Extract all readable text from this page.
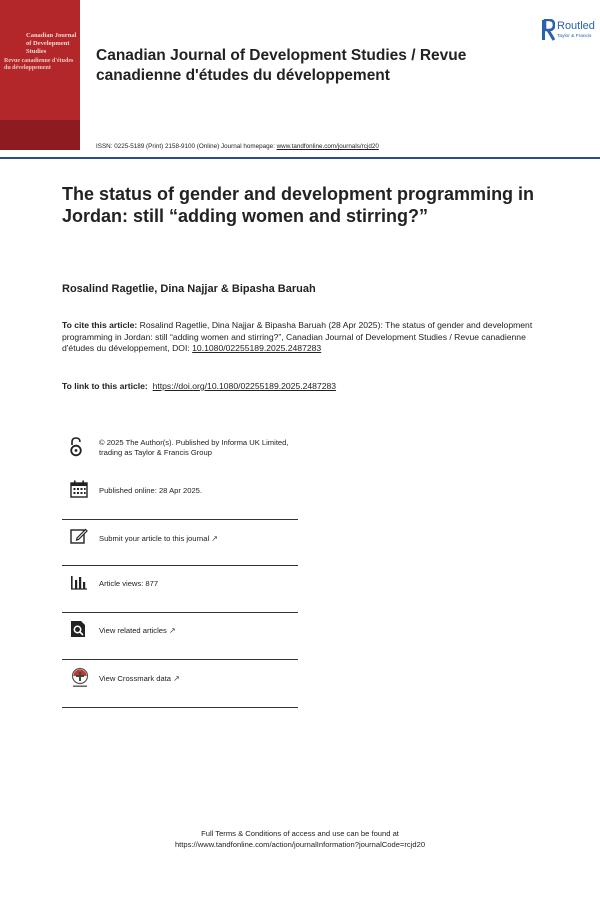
Canadian Journal of Development Studies
Revue canadienne d'études du développement
Canadian Journal of Development Studies / Revue canadienne d'études du développement
Routled
Taylor & Francis
ISSN: 0225-5189 (Print) 2158-9100 (Online) Journal homepage: www.tandfonline.com/journals/rcjd20
The status of gender and development programming in Jordan: still “adding women and stirring?”
Rosalind Ragetlie, Dina Najjar & Bipasha Baruah
To cite this article: Rosalind Ragetlie, Dina Najjar & Bipasha Baruah (28 Apr 2025): The status of gender and development programming in Jordan: still “adding women and stirring?”, Canadian Journal of Development Studies / Revue canadienne d'études du développement, DOI: 10.1080/02255189.2025.2487283
To link to this article: https://doi.org/10.1080/02255189.2025.2487283
© 2025 The Author(s). Published by Informa UK Limited, trading as Taylor & Francis Group
Published online: 28 Apr 2025.
Submit your article to this journal ↗
Article views: 877
View related articles ↗
View Crossmark data ↗
Full Terms & Conditions of access and use can be found at
https://www.tandfonline.com/action/journalInformation?journalCode=rcjd20
